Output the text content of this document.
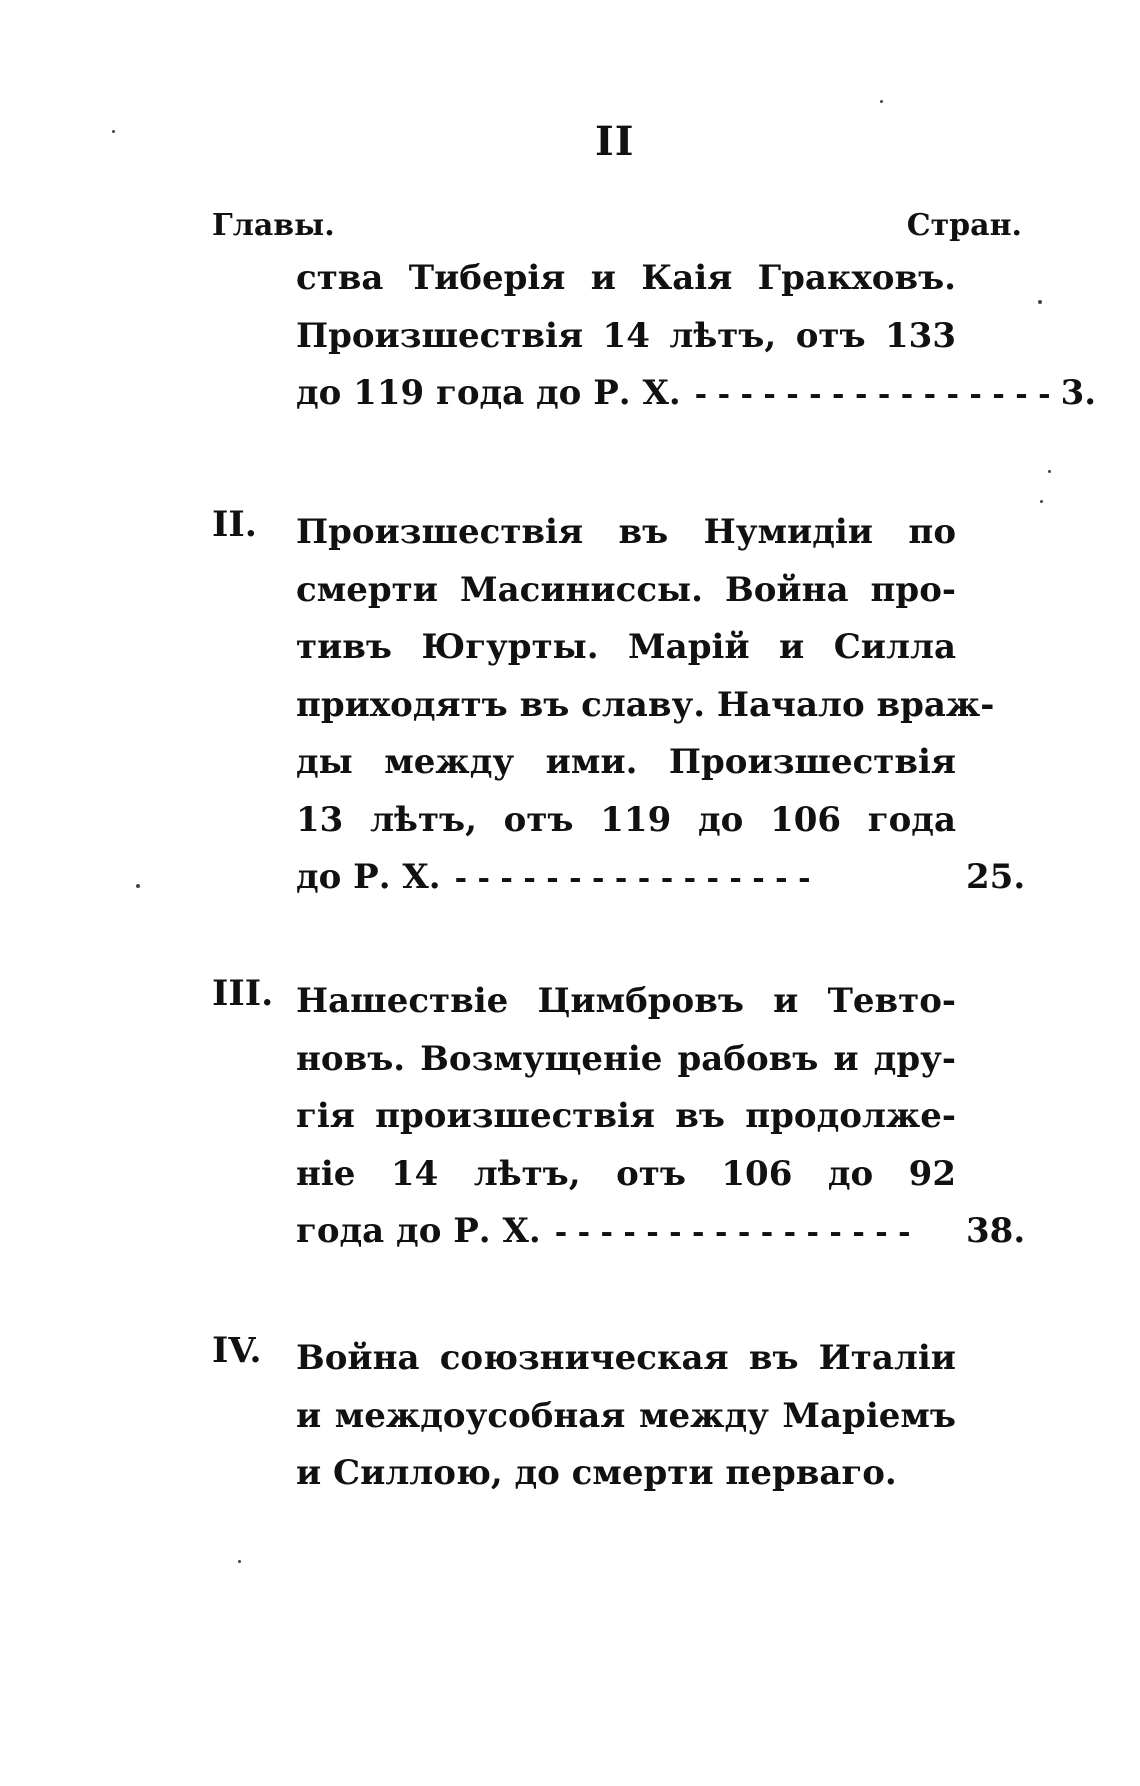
II
Главы.	Стран.
ства Тиберія и Каія Гракховъ.
Произшествія 14 лѣтъ, отъ 133
до 119 года до Р. Х. - - - - - - - - - - - - - - - - 3.
II. Произшествія въ Нумидіи по
смерти Масиниссы. Война про-
тивъ Югурты. Марій и Силла
приходятъ въ славу. Начало враж-
ды между ими. Произшествія
13 лѣтъ, отъ 119 до 106 года
до Р. Х. - - - - - - - - - - - - - - - -	25.
III. Нашествіе Цимбровъ и Тевто-
новъ. Возмущеніе рабовъ и дру-
гія произшествія въ продолже-
ніе 14 лѣтъ, отъ 106 до 92
года до Р. Х. - - - - - - - - - - - - - - - -	38.
IV. Война союзническая въ Италіи
и междоусобная между Маріемъ
и Силлою, до смерти перваго.
